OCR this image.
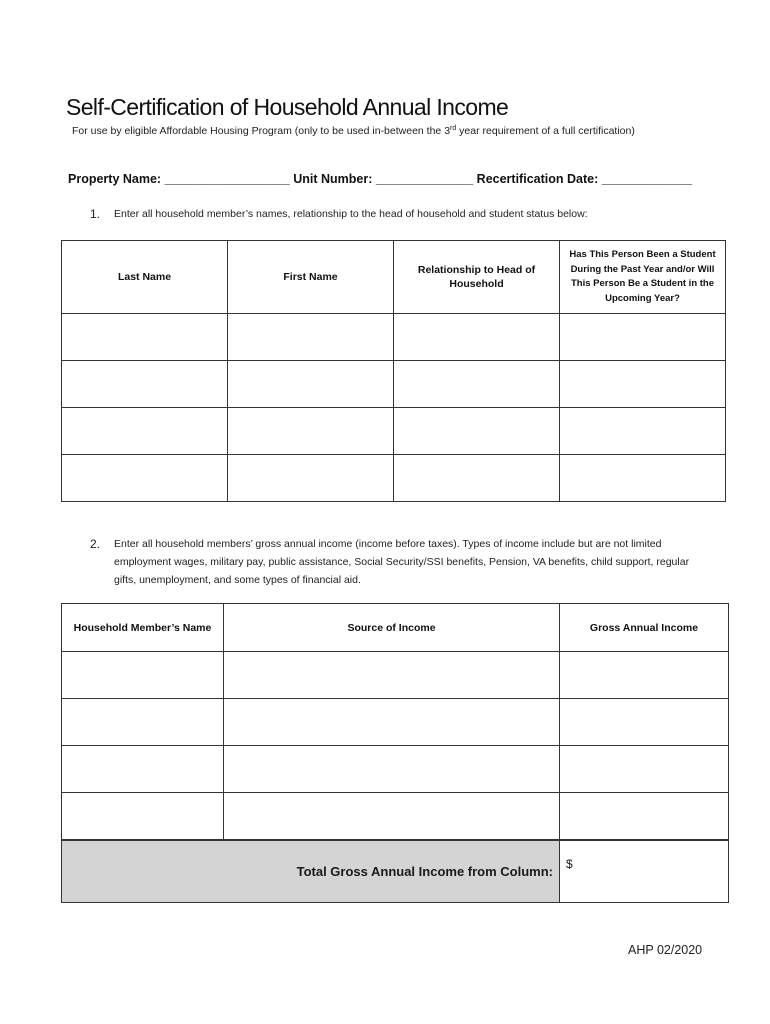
Self-Certification of Household Annual Income
For use by eligible Affordable Housing Program (only to be used in-between the 3rd year requirement of a full certification)
Property Name: __________________ Unit Number: ______________ Recertification Date: _____________
1. Enter all household member’s names, relationship to the head of household and student status below:
Last Name	First Name	Relationship to Head of Household	Has This Person Been a Student During the Past Year and/or Will This Person Be a Student in the Upcoming Year?

2. Enter all household members’ gross annual income (income before taxes). Types of income include but are not limited employment wages, military pay, public assistance, Social Security/SSI benefits, Pension, VA benefits, child support, regular gifts, unemployment, and some types of financial aid.
Household Member’s Name	Source of Income	Gross Annual Income

Total Gross Annual Income from Column:		$
AHP 02/2020
